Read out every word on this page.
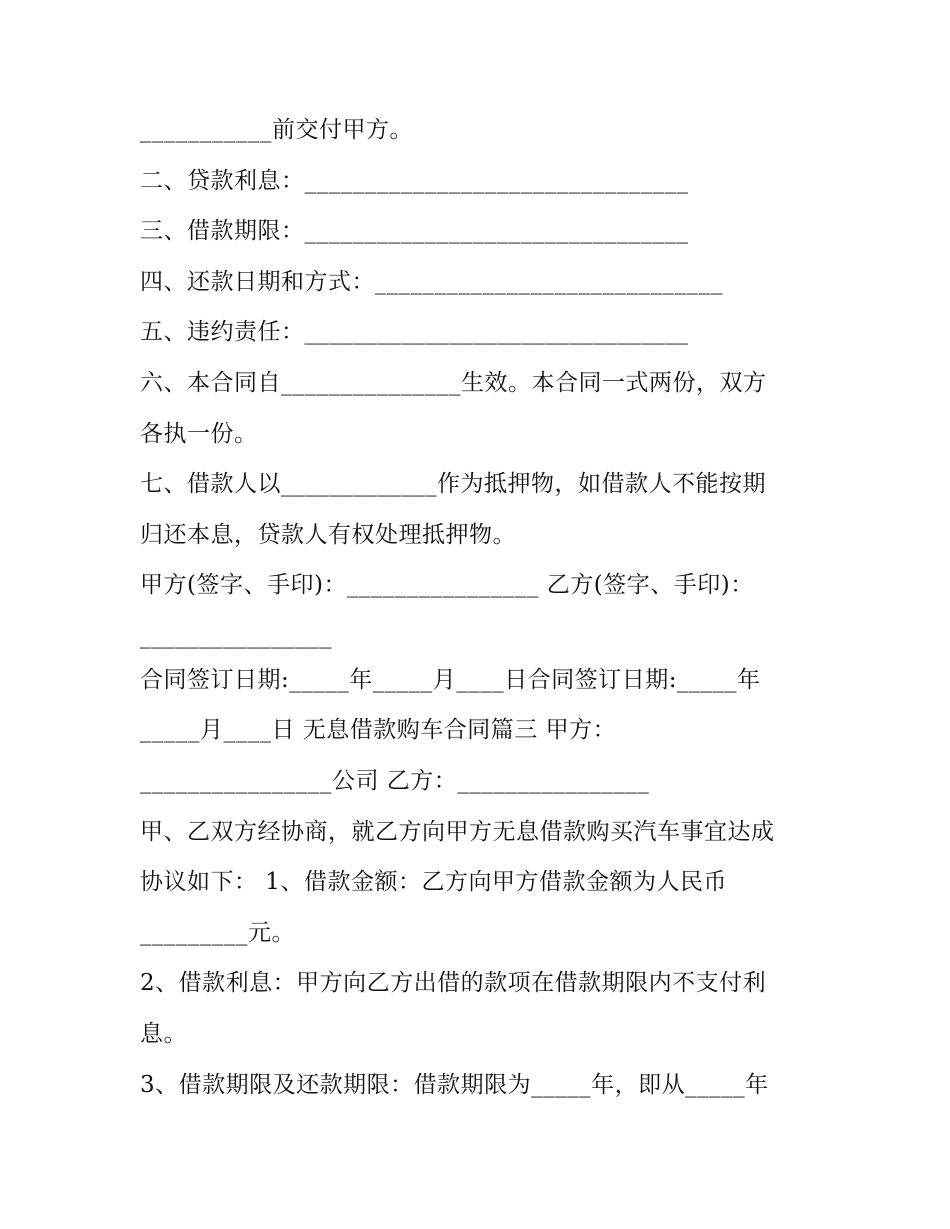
___________前交付甲方。
二、贷款利息：________________________________
三、借款期限：________________________________
四、还款日期和方式：_____________________________
五、违约责任：________________________________
六、本合同自_______________生效。本合同一式两份，双方
各执一份。
七、借款人以_____________作为抵押物，如借款人不能按期
归还本息，贷款人有权处理抵押物。
甲方(签字、手印)：________________ 乙方(签字、手印)：
________________
合同签订日期:_____年_____月____日合同签订日期:_____年
_____月____日 无息借款购车合同篇三 甲方：
________________公司 乙方：________________
甲、乙双方经协商，就乙方向甲方无息借款购买汽车事宜达成
协议如下： 1、借款金额：乙方向甲方借款金额为人民币
_________元。
2、借款利息：甲方向乙方出借的款项在借款期限内不支付利
息。
3、借款期限及还款期限：借款期限为_____年，即从_____年
